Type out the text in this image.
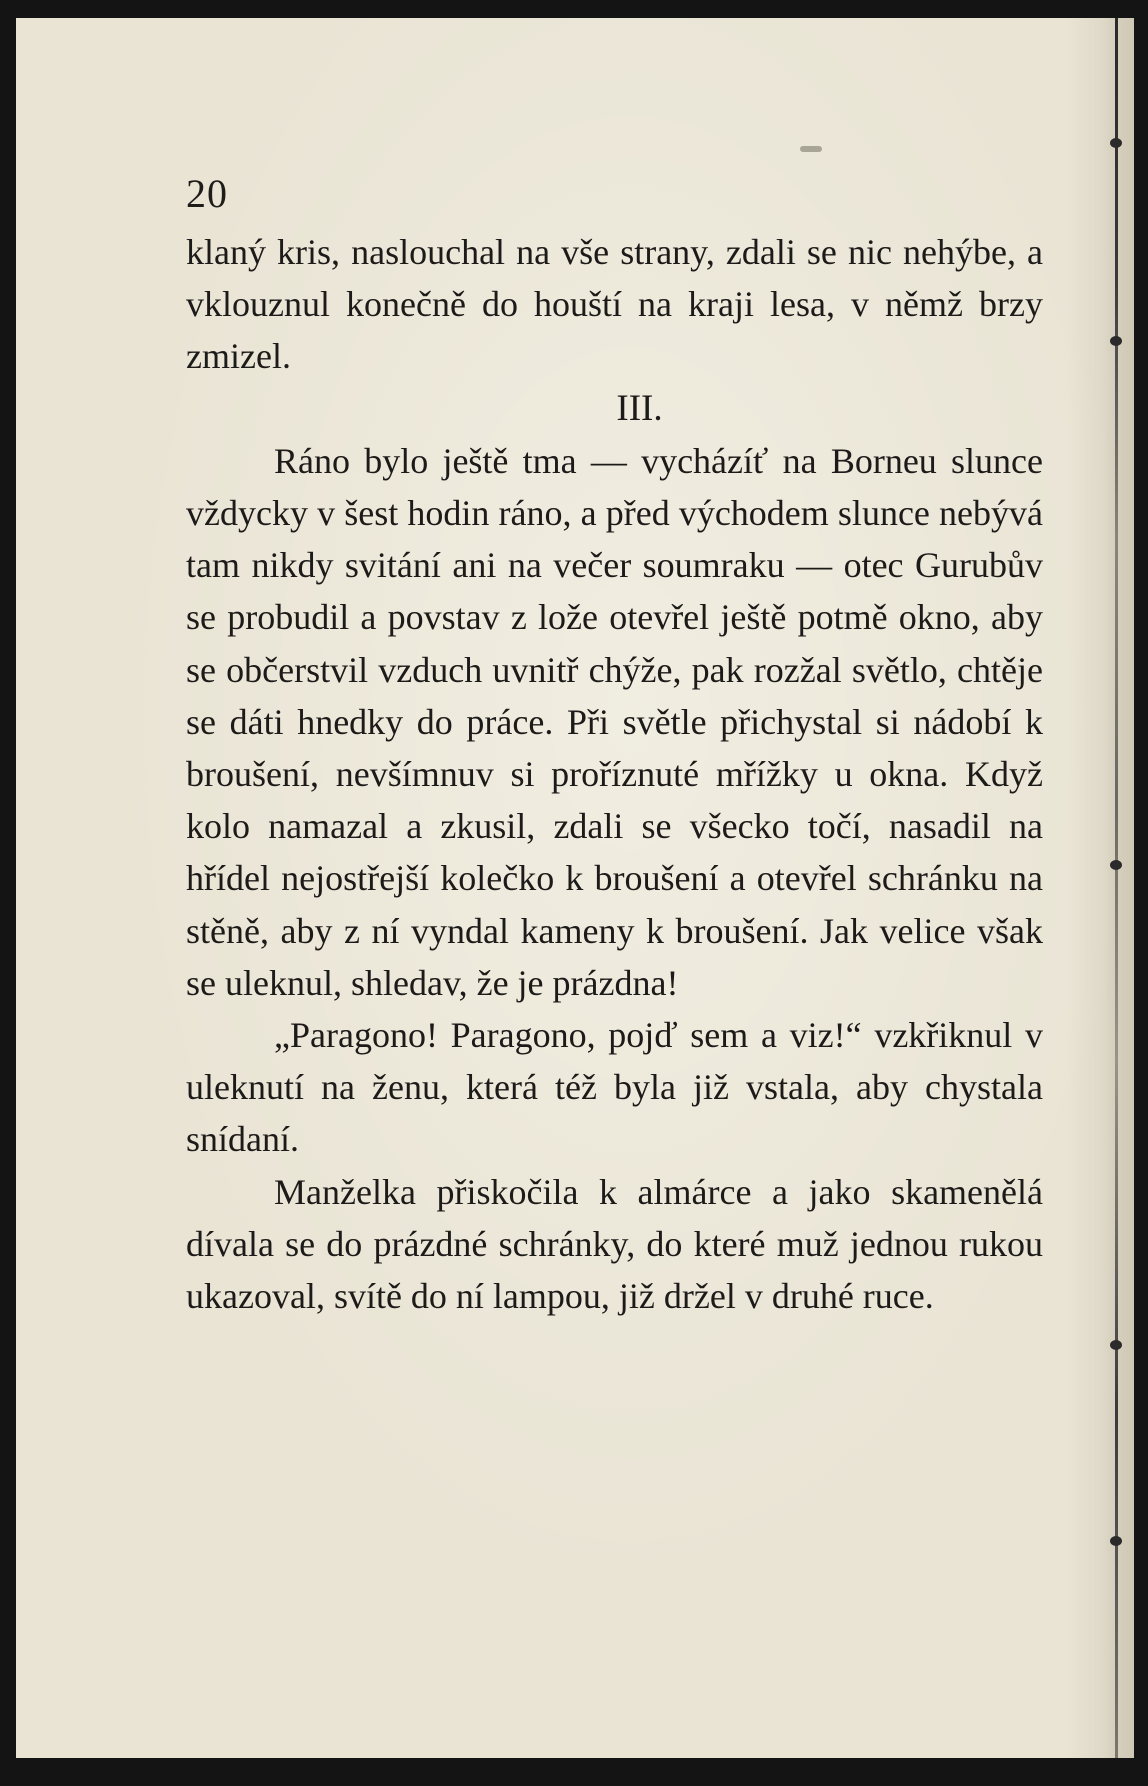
20

klaný kris, naslouchal na vše strany, zdali se nic nehýbe, a vklouznul konečně do houští na kraji lesa, v němž brzy zmizel.

III.

Ráno bylo ještě tma — vycházíť na Borneu slunce vždycky v šest hodin ráno, a před východem slunce nebývá tam nikdy svitání ani na večer soumraku — otec Gurubův se probudil a povstav z lože otevřel ještě potmě okno, aby se občerstvil vzduch uvnitř chýže, pak rozžal světlo, chtěje se dáti hnedky do práce. Při světle přichystal si nádobí k broušení, nevšímnuv si proříznuté mřížky u okna. Když kolo namazal a zkusil, zdali se všecko točí, nasadil na hřídel nejostřejší kolečko k broušení a otevřel schránku na stěně, aby z ní vyndal kameny k broušení. Jak velice však se uleknul, shledav, že je prázdna!

„Paragono! Paragono, pojď sem a viz!“ vzkřiknul v uleknutí na ženu, která též byla již vstala, aby chystala snídaní.

Manželka přiskočila k almárce a jako skamenělá dívala se do prázdné schránky, do které muž jednou rukou ukazoval, svítě do ní lampou, již držel v druhé ruce.
